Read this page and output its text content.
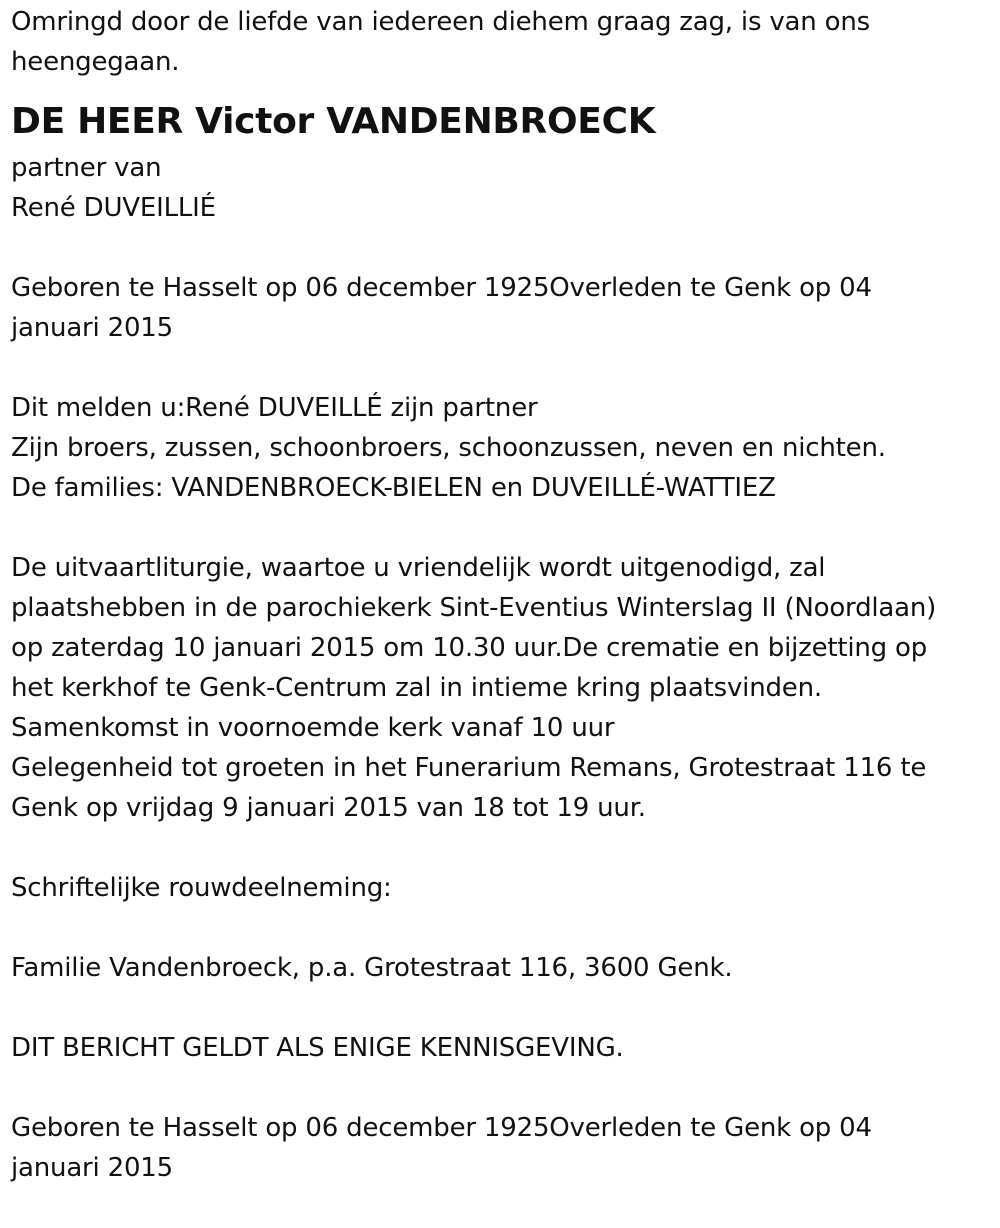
Omringd door de liefde van iedereen diehem graag zag, is van ons
heengegaan.
DE HEER Victor VANDENBROECK
partner van
René DUVEILLIÉ
Geboren te Hasselt op 06 december 1925Overleden te Genk op 04
januari 2015
Dit melden u:René DUVEILLÉ zijn partner
Zijn broers, zussen, schoonbroers, schoonzussen, neven en nichten.
De families: VANDENBROECK-BIELEN en DUVEILLÉ-WATTIEZ
De uitvaartliturgie, waartoe u vriendelijk wordt uitgenodigd, zal
plaatshebben in de parochiekerk Sint-Eventius Winterslag II (Noordlaan)
op zaterdag 10 januari 2015 om 10.30 uur.De crematie en bijzetting op
het kerkhof te Genk-Centrum zal in intieme kring plaatsvinden.
Samenkomst in voornoemde kerk vanaf 10 uur
Gelegenheid tot groeten in het Funerarium Remans, Grotestraat 116 te
Genk op vrijdag 9 januari 2015 van 18 tot 19 uur.
Schriftelijke rouwdeelneming:
Familie Vandenbroeck, p.a. Grotestraat 116, 3600 Genk.
DIT BERICHT GELDT ALS ENIGE KENNISGEVING.
Geboren te Hasselt op 06 december 1925Overleden te Genk op 04
januari 2015
